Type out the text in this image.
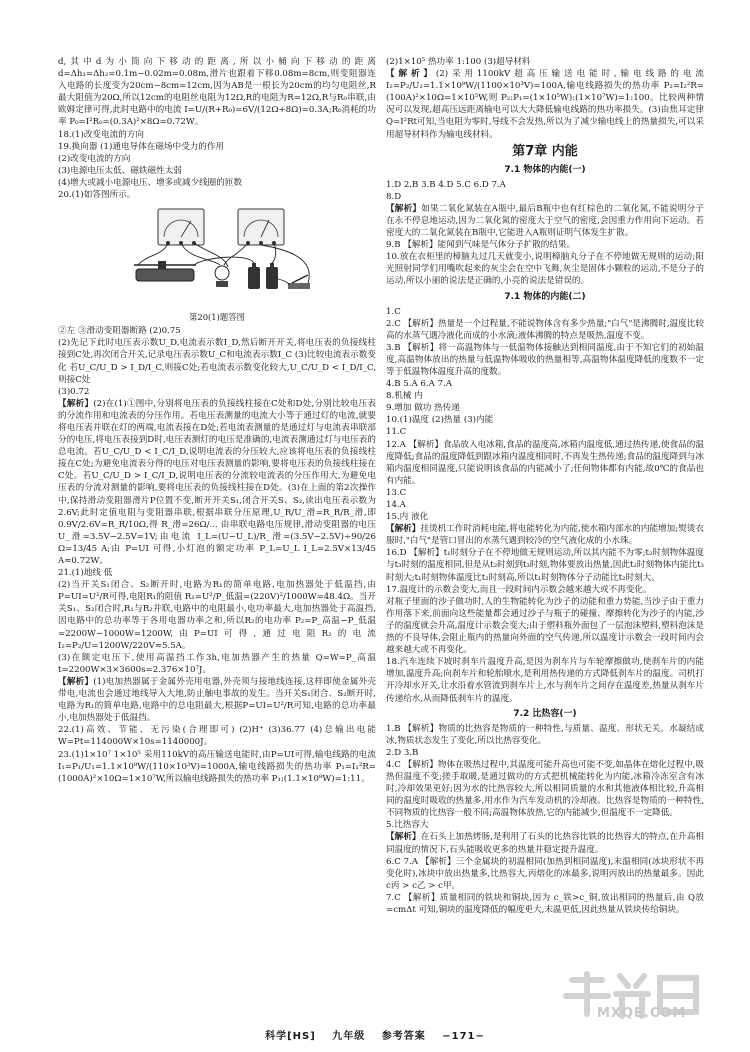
d,其中d为小筒向下移动的距离,所以小桶向下移动的距离 d=Δh₁=Δh₂=0.1m−0.02m=0.08m,滑片也跟着下移0.08m=8cm,则变阻器连入电路的长度变为20cm−8cm=12cm,因为AB是一根长为20cm的均匀电阻丝,R最大阻值为20Ω,所以12cm的电阻丝电阻为12Ω,R的电阻为R=12Ω,R与R₀串联,由欧姆定律可得,此时电路中的电流 I=U/(R+R₀)=6V/(12Ω+8Ω)=0.3A;R₀消耗的功率 P₀=I²R₀=(0.3A)²×8Ω=0.72W。

18.(1)改变电流的方向

19.换向器 (1)通电导体在磁场中受力的作用

(2)改变电流的方向

(3)电源电压太低、磁铁磁性太弱

(4)增大或减小电源电压、增多或减少线圈的匝数

20.(1)如答图所示。

第20(1)题答图

②左 ③滑动变阻器断路 (2)0.75

(2)先记下此时电压表示数U_D,电流表示数I_D,然后断开开关,将电压表的负接线柱接到C处,再次闭合开关,记录电压表示数U_C和电流表示数I_C (3)比较电流表示数变化 若U_C/U_D > I_D/I_C,则接C处;若电流表示数变化较大,U_C/U_D < I_D/I_C,则接C处

(3)0.72

【解析】(2)在(1)①图中,分别将电压表的负接线柱接在C处和D处,分别比较电压表的分流作用和电流表的分压作用。若电压表测量的电流大小等于通过灯的电流,就要将电压表并联在灯的两端,电流表接在D处;若电流表测量的是通过灯与电流表串联部分的电压,将电压表接到D时,电压表测灯的电压是准确的,电流表测通过灯与电压表的总电流。若U_C/U_D < I_C/I_D,说明电流表的分压较大,应该将电压表的负接线柱接在C处;为避免电流表分得的电压对电压表测量的影响,要将电压表的负接线柱接在C处。若U_C/U_D > I_C/I_D,说明电压表的分流较电流表的分压作用大,为避免电压表的分流对测量的影响,要将电压表的负接线柱接在D处。(3)在上面的第2次操作中,保持滑动变阻器滑片P位置不变,断开开关S₁,闭合开关S、S₂,读出电压表示数为2.6V;此时定值电阻与变阻器串联,根据串联分压原理,U_R/U_滑=R_R/R_滑,即 0.9V/2.6V=R_R/10Ω,得 R_滑=26Ω/... 由串联电路电压规律,滑动变阻器的电压 U_滑=3.5V−2.5V=1V;由电流 I_L=(U−U_L)/R_滑=(3.5V−2.5V)÷90/26 Ω=13/45 A;由 P=UI 可得,小灯泡的额定功率 P_L=U_L I_L=2.5V×13/45 A≈0.72W。

21.(1)地线 低

(2)当开关S₁闭合、S₂断开时,电路为R₁的简单电路,电加热器处于低温挡,由P=UI=U²/R可得,电阻R₁的阻值 R₁=U²/P_低温=(220V)²/1000W=48.4Ω。当开关S₁、S₂闭合时,R₁与R₂并联,电路中的电阻最小,电功率最大,电加热器处于高温挡,因电路中的总功率等于各用电器功率之和,所以R₂的电功率 P₂=P_高温−P_低温=2200W−1000W=1200W,由P=UI可得,通过电阻R₂的电流 I₂=P₂/U=1200W/220V≈5.5A。

(3)在额定电压下,使用高温挡工作3h,电加热器产生的热量 Q=W=P_高温t=2200W×3×3600s=2.376×10⁷J。

【解析】(1)电加热器属于金属外壳用电器,外壳须与接地线连接,这样即使金属外壳带电,电流也会通过地线导入大地,防止触电事故的发生。当开关S₁闭合、S₂断开时,电路为R₁的简单电路,电路中的总电阻最大,根据P=UI=U²/R可知,电路的总功率最小,电加热器处于低温挡。

22.(1)高效、节能、无污染(合理即可) (2)H⁺ (3)36.77 (4)总输出电能 W=Pt=114000W×10s=1140000J。

23.(1)1×10⁷ 1×10⁵ 采用110kV的高压输送电能时,由P=UI可得,输电线路的电流 I₁=P₁/U₁=1.1×10⁸W/(110×10³V)=1000A,输电线路损失的热功率 P₁=I₁²R=(1000A)²×10Ω=1×10⁷W,所以输电线路损失的热功率 P₁:(1.1×10⁸W)=1:11。

(2)1×10⁵ 热功率 1:100 (3)超导材料

【解析】(2)采用1100kV超高压输送电能时,输电线路的电流 I₂=P₂/U₂=1.1×10⁸W/(1100×10³V)=100A,输电线路损失的热功率 P₂=I₂²R=(100A)²×10Ω=1×10⁵W,则 P₂:P₁=(1×10⁵W):(1×10⁷W)=1:100。比较两种情况可以发现,超高压远距离输电可以大大降低输电线路的热功率损失。(3)由焦耳定律 Q=I²Rt可知,当电阻为零时,导线不会发热,所以为了减少输电线上的热量损失,可以采用超导材料作为输电线材料。

第7章 内能
7.1 物体的内能(一)

1.D 2.B 3.B 4.D 5.C 6.D 7.A

8.D

【解析】如果二氧化氮装在A瓶中,最后B瓶中也有红棕色的二氧化氮,不能说明分子在永不停息地运动,因为二氧化氮的密度大于空气的密度,会因重力作用向下运动。若密度大的二氧化氮装在B瓶中,它能进入A瓶则证明气体发生扩散。

9.B 【解析】能闻到气味是气体分子扩散的结果。

10.放在衣柜里的樟脑丸过几天就变小,说明樟脑丸分子在不停地做无规则的运动;阳光照射同学们用嘴吹起来的灰尘会在空中飞舞,灰尘是固体小颗粒的运动,不是分子的运动,所以小丽的说法是正确的,小亮的说法是错误的。

7.1 物体的内能(二)

1.C

2.C 【解析】热量是一个过程量,不能说物体含有多少热量;"白气"是沸腾时,温度比较高的水蒸气遇冷液化而成的小水滴;液体沸腾的特点是吸热,温度不变。

3.B 【解析】将一高温物体与一低温物体接触达到相同温度,由于不知它们的初始温度,高温物体放出的热量与低温物体吸收的热量相等,高温物体温度降低的度数不一定等于低温物体温度升高的度数。

4.B 5.A 6.A 7.A

8.机械 内

9.增加 做功 热传递

10.(1)温度 (2)热量 (3)内能

11.C

12.A 【解析】食品放入电冰箱,食品的温度高,冰箱内温度低,通过热传递,使食品的温度降低;食品的温度降低到跟冰箱内温度相同时,不再发生热传递;食品的温度降到与冰箱内温度相同温度,只能说明该食品的内能减小了;任何物体都有内能,故0℃的食品也有内能。

13.C

14.A

15.内 液化

【解析】挂烫机工作时消耗电能,将电能转化为内能,使水箱内部水的内能增加;熨烫衣服时,"白气"是管口冒出的水蒸气遇到较冷的空气液化成的小水珠。

16.D 【解析】t₁时刻分子在不停地做无规则运动,所以其内能不为零;t₂时刻物体温度与t₃时刻的温度相同,但是从t₂时刻到t₃时刻,物体要放出热量,因此t₂时刻物体内能比t₃时刻大;t₁时刻物体温度比t₂时刻高,所以t₁时刻物体分子动能比t₂时刻大。

17.温度计的示数会变大,而且一段时间内示数会越来越大或不再变化。

对瓶子里面的沙子做功时,人的生物能转化为沙子的动能和重力势能,当沙子由于重力作用落下来,前面向这些能量都会通过沙子与瓶子的碰撞、摩擦转化为沙子的内能,沙子的温度就会升高,温度计示数会变大;由于塑料瓶外面包了一层泡沫塑料,塑料泡沫是热的不良导体,会阻止瓶内的热量向外面的空气传递,所以温度计示数会一段时间内会越来越大或不再变化。

18.汽车连续下坡时刹车片温度升高,是因为刹车片与车轮摩擦做功,使刹车片的内能增加,温度升高;向刹车片和轮胎喷水,是利用热传递的方式降低刹车片的温度。司机打开冷却水开关,让水沿着水管流到刹车片上,水与刹车片之间存在温度差,热量从刹车片传递给水,从而降低刹车片的温度。

7.2 比热容(一)

1.B 【解析】物质的比热容是物质的一种特性,与质量、温度、形状无关。水凝结成冰,物质状态发生了变化,所以比热容变化。

2.D 3.B

4.C 【解析】物体在吸热过程中,其温度可能升高也可能不变,如晶体在熔化过程中,吸热但温度不变;搓手取暖,是通过做功的方式把机械能转化为内能,冰箱冷冻室含有冰时,冷却效果更好;因为水的比热容较大,所以相同质量的水和其他液体相比较,升高相同的温度时吸收的热量多,用水作为汽车发动机的冷却液。比热容是物质的一种特性,不同物质的比热容一般不同;高温物体放热,它的内能减少,但温度不一定降低。

5.比热容大

【解析】在石头上加热烤肠,是利用了石头的比热容比铁的比热容大的特点,在升高相同温度的情况下,石头能吸收更多的热量并稳定提升温度。

6.C 7.A 【解析】三个金属块的初温相同(加热到相同温度),末温相同(冰块形状不再变化时),冰块中放出热量多,比热容大,丙熔化的冰最多,说明丙放出的热量最多。因此 c丙 > c乙 > c甲。

7.C 【解析】质量相同的铁块和铜块,因为 c_铁>c_铜,放出相同的热量后,由 Q放=cmΔt 可知,铜块的温度降低的幅度更大,末温更低,因此热量从铁块传给铜块。

MXQE.COM
科学[HS] 九年级 参考答案 −171−
